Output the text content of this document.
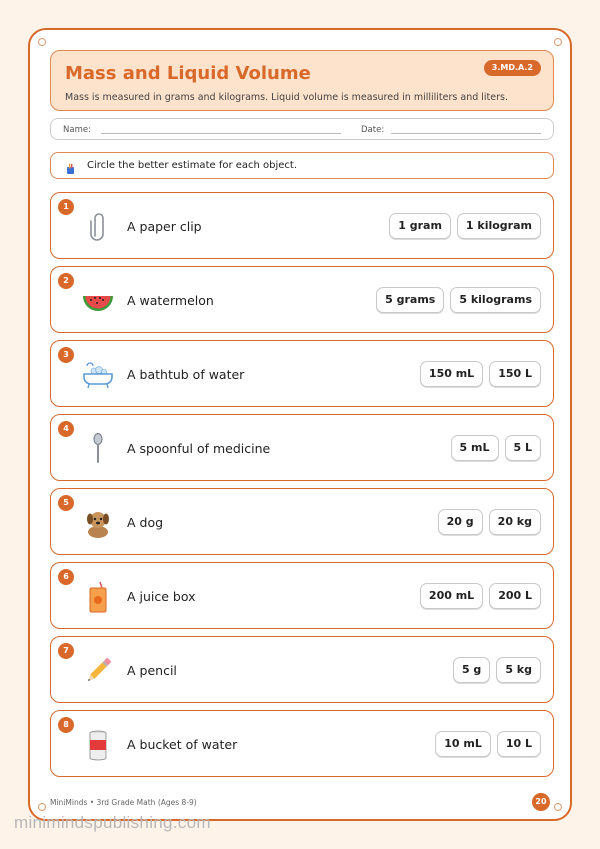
Mass and Liquid Volume	3.MD.A.2
Mass is measured in grams and kilograms. Liquid volume is measured in milliliters and liters.
Name:	Date:
Circle the better estimate for each object.
1
A paper clip	1 gram	1 kilogram
2
A watermelon	5 grams	5 kilograms
3
A bathtub of water	150 mL	150 L
4
A spoonful of medicine	5 mL	5 L
5
A dog	20 g	20 kg
6
A juice box	200 mL	200 L
7
A pencil	5 g	5 kg
8
A bucket of water	10 mL	10 L
MiniMinds • 3rd Grade Math (Ages 8-9)	20
minimindspublishing.com
